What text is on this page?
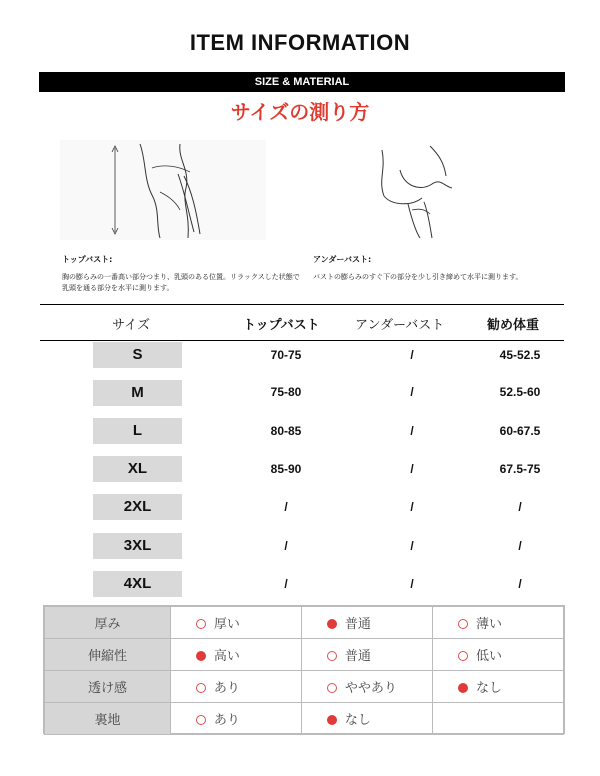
ITEM INFORMATION
SIZE & MATERIAL
サイズの測り方
トップバスト:
胸の膨らみの一番高い部分つまり、乳頭のある位置。リラックスした状態で乳頭を通る部分を水平に測ります。
アンダーバスト:
バストの膨らみのすぐ下の部分を少し引き締めて水平に測ります。
サイズ	トップバスト	アンダーバスト	勧め体重
S	70-75	/	45-52.5
M	75-80	/	52.5-60
L	80-85	/	60-67.5
XL	85-90	/	67.5-75
2XL	/	/	/
3XL	/	/	/
4XL	/	/	/
厚み	厚い	普通	薄い
伸縮性	高い	普通	低い
透け感	あり	ややあり	なし
裏地	あり	なし	
